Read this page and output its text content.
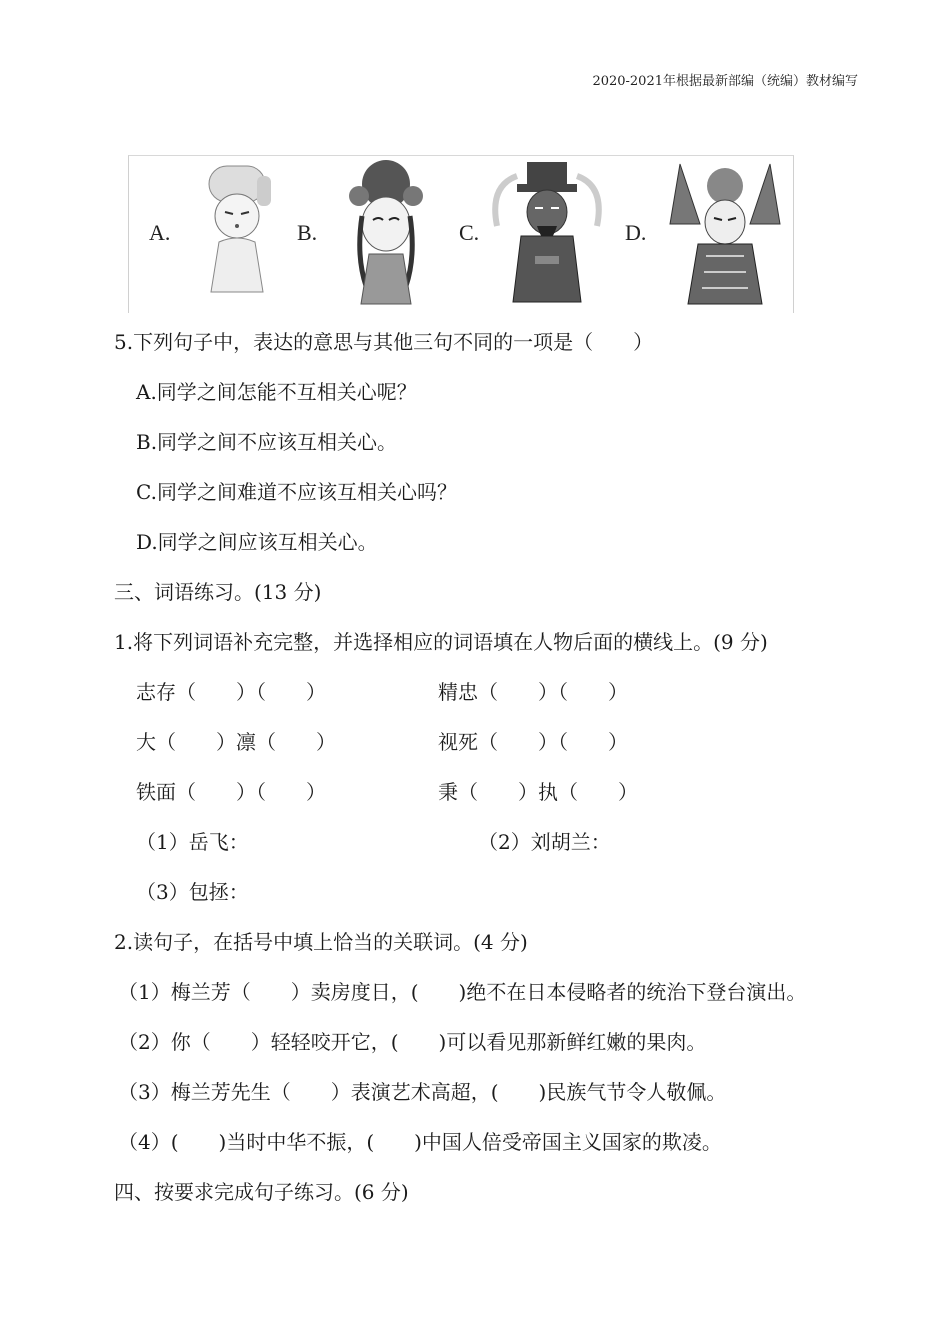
2020-2021年根据最新部编（统编）教材编写
A.	B.	C.	D.
5.下列句子中，表达的意思与其他三句不同的一项是（　　）
A.同学之间怎能不互相关心呢？
B.同学之间不应该互相关心。
C.同学之间难道不应该互相关心吗？
D.同学之间应该互相关心。
三、词语练习。(13 分)
1.将下列词语补充完整，并选择相应的词语填在人物后面的横线上。(9 分)
志存（　　）（　　）	精忠（　　）（　　）
大（　　）凛（　　）	视死（　　）（　　）
铁面（　　）（　　）	秉（　　）执（　　）
（1）岳飞：	（2）刘胡兰：
（3）包拯：
2.读句子，在括号中填上恰当的关联词。(4 分)
（1）梅兰芳（　　）卖房度日，(　　)绝不在日本侵略者的统治下登台演出。
（2）你（　　）轻轻咬开它，(　　)可以看见那新鲜红嫩的果肉。
（3）梅兰芳先生（　　）表演艺术高超，(　　)民族气节令人敬佩。
（4）(　　)当时中华不振，(　　)中国人倍受帝国主义国家的欺凌。
四、按要求完成句子练习。(6 分)
